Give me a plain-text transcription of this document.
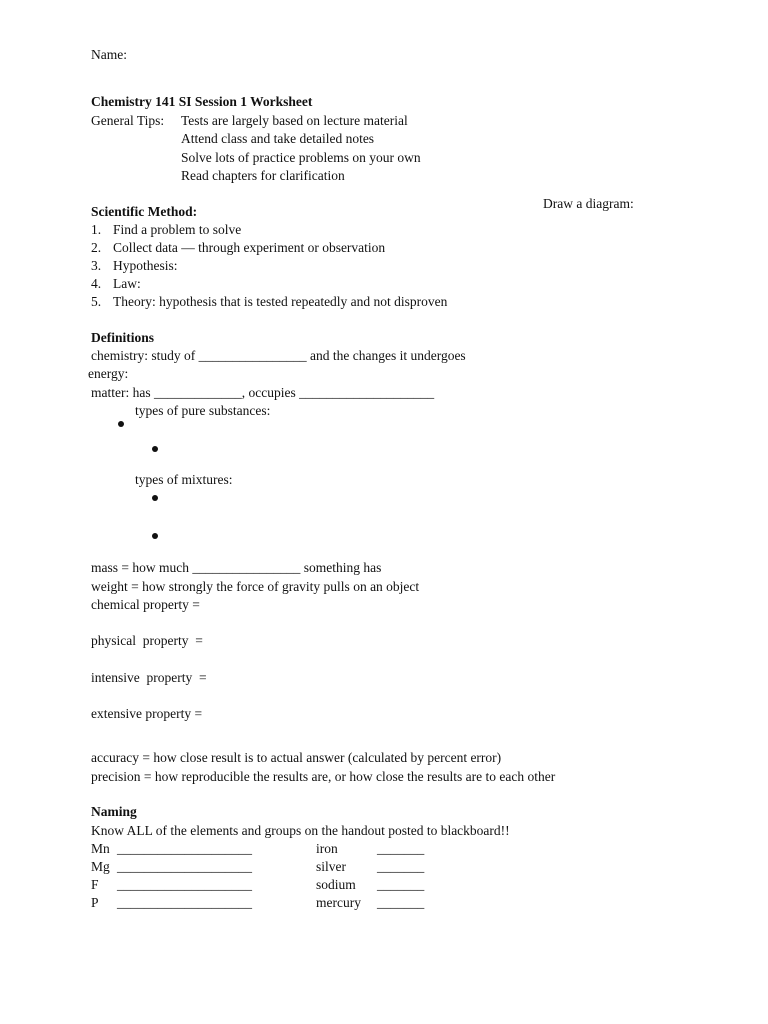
Name:
Chemistry 141 SI Session 1 Worksheet
General Tips: Tests are largely based on lecture material
Attend class and take detailed notes
Solve lots of practice problems on your own
Read chapters for clarification
Draw a diagram:
Scientific Method:
1. Find a problem to solve
2. Collect data — through experiment or observation
3. Hypothesis:
4. Law:
5. Theory: hypothesis that is tested repeatedly and not disproven
Definitions
chemistry: study of ________________ and the changes it undergoes
energy:
matter: has _____________, occupies ____________________
types of pure substances:
types of mixtures:
mass = how much ________________ something has
weight = how strongly the force of gravity pulls on an object
chemical property =
physical  property  =
intensive  property  =
extensive property =
accuracy = how close result is to actual answer (calculated by percent error)
precision = how reproducible the results are, or how close the results are to each other
Naming
Know ALL of the elements and groups on the handout posted to blackboard!!
Mn ____________________	iron	_______
Mg ____________________	silver _______
F ____________________	sodium _______
P ____________________	mercury _______
